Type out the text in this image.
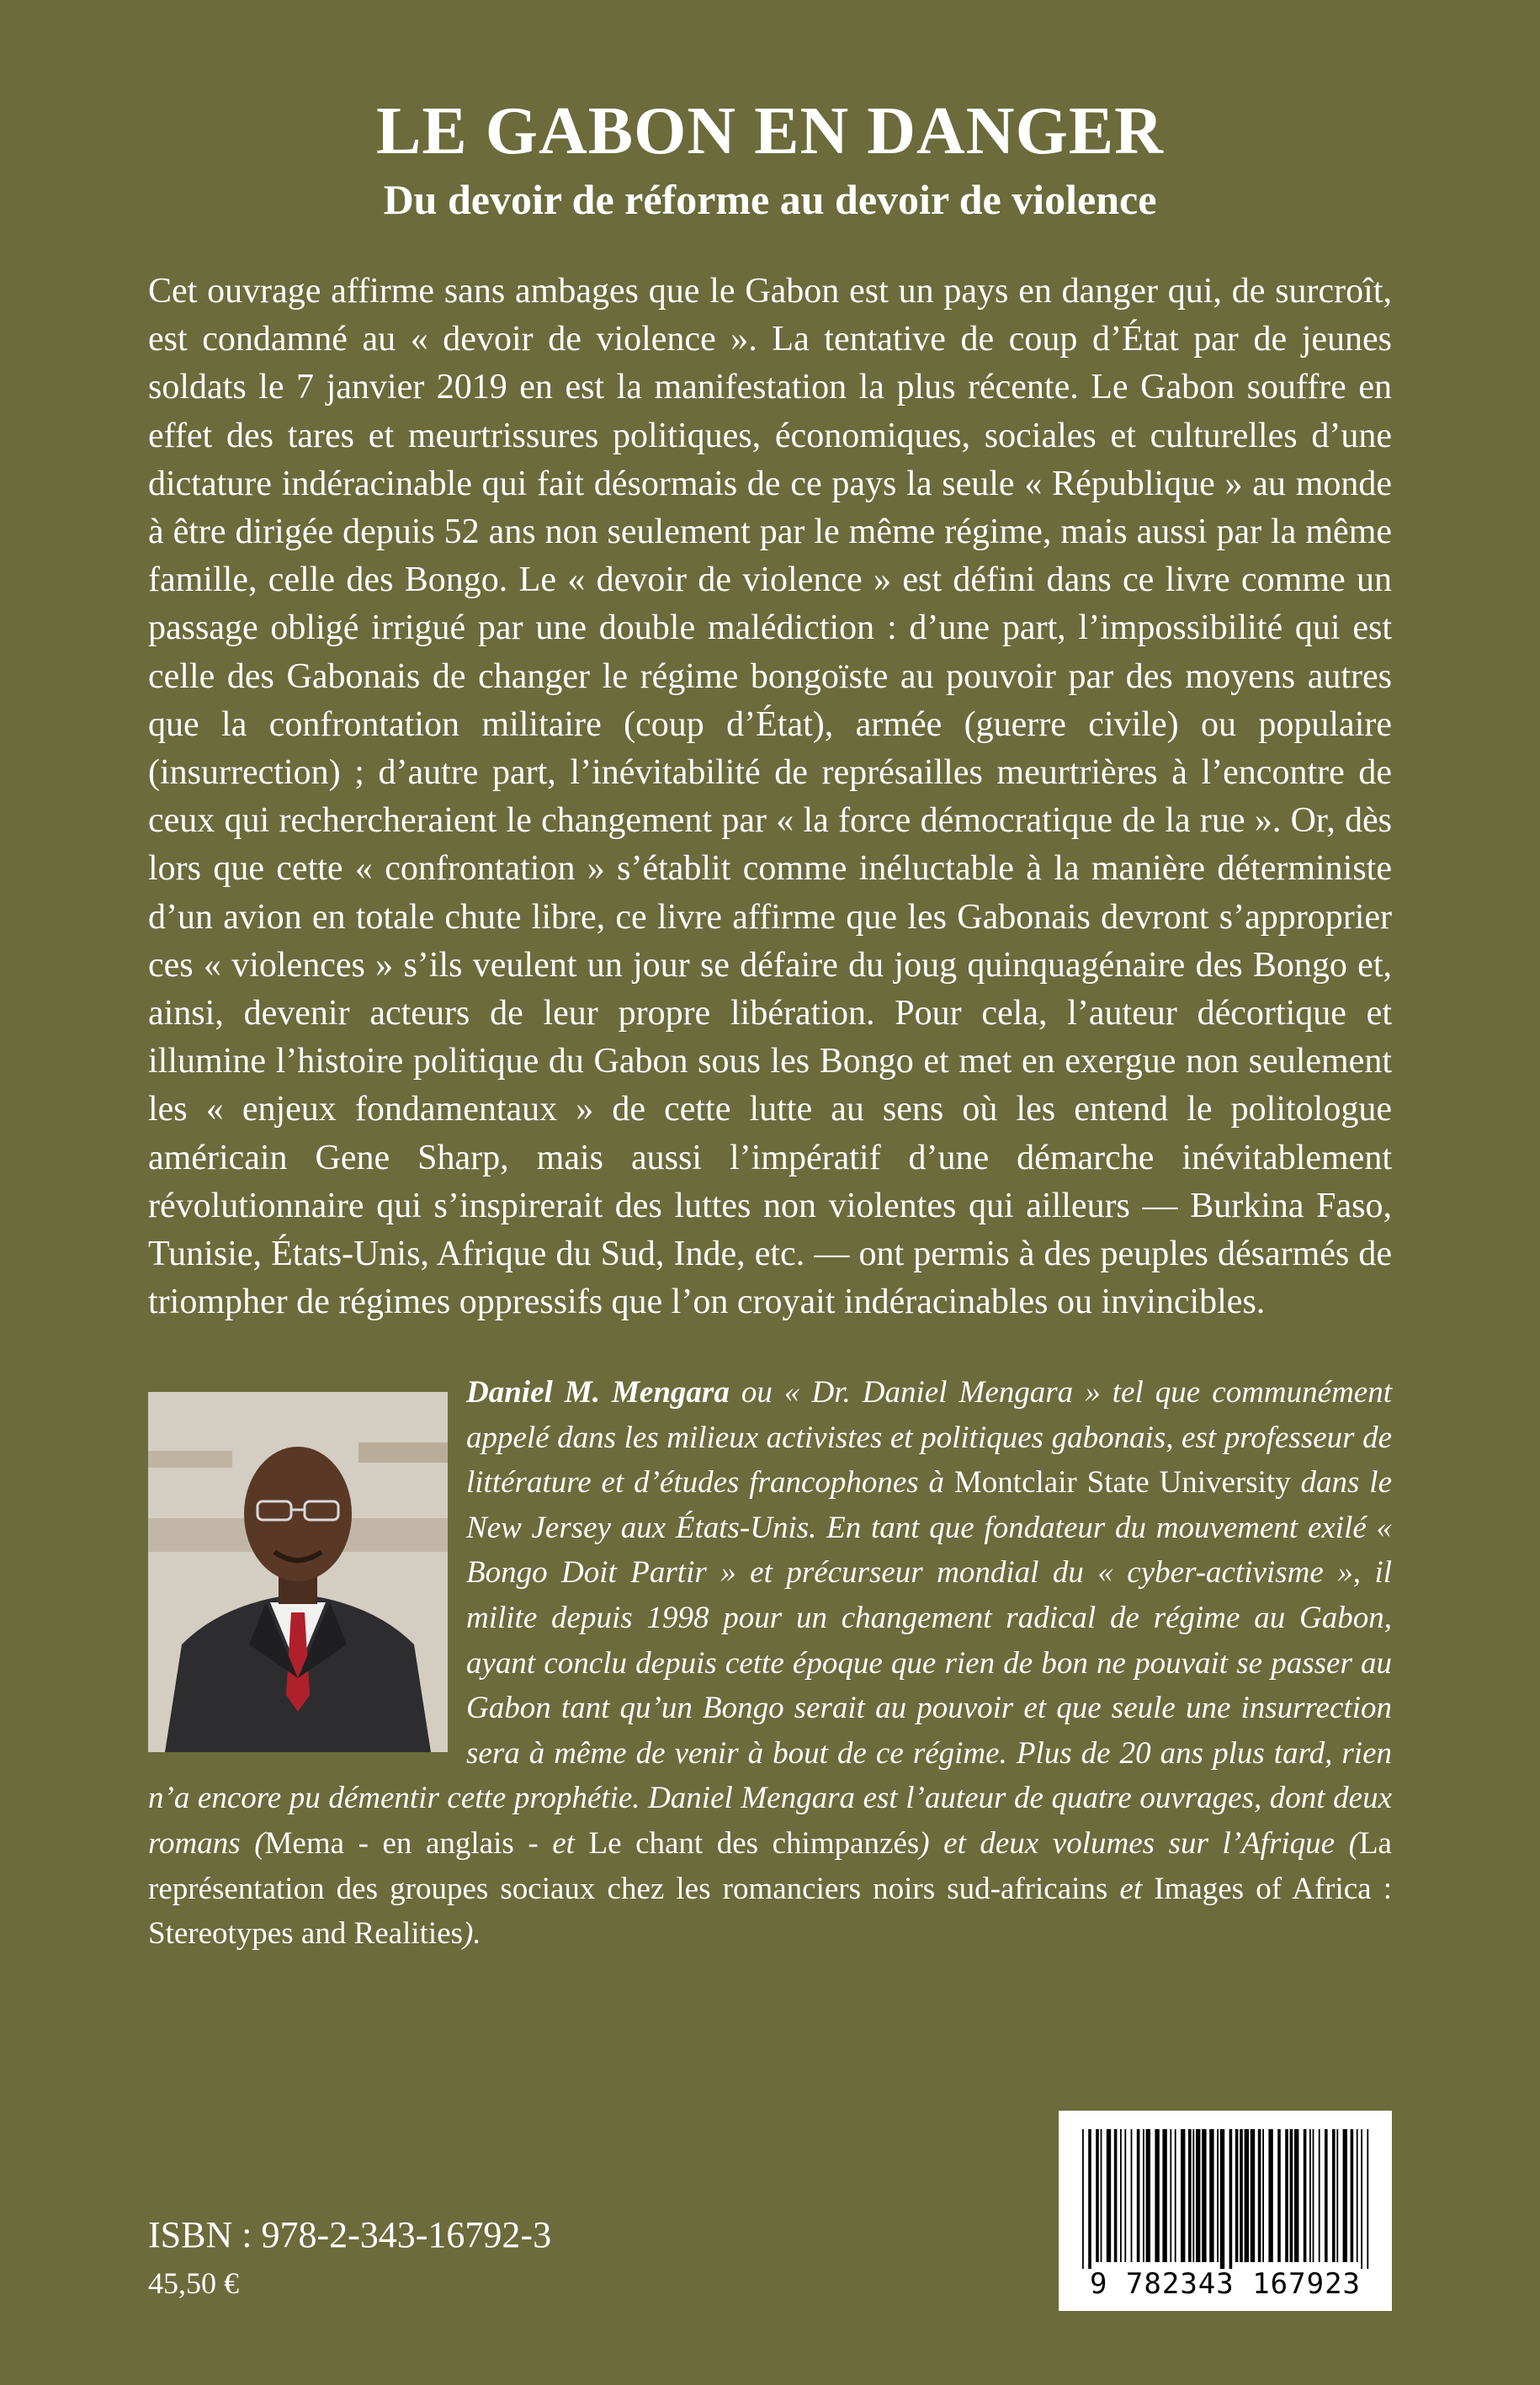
LE GABON EN DANGER
Du devoir de réforme au devoir de violence

Cet ouvrage affirme sans ambages que le Gabon est un pays en danger qui, de surcroît, est condamné au « devoir de violence ». La tentative de coup d’État par de jeunes soldats le 7 janvier 2019 en est la manifestation la plus récente. Le Gabon souffre en effet des tares et meurtrissures politiques, économiques, sociales et culturelles d’une dictature indéracinable qui fait désormais de ce pays la seule « République » au monde à être dirigée depuis 52 ans non seulement par le même régime, mais aussi par la même famille, celle des Bongo. Le « devoir de violence » est défini dans ce livre comme un passage obligé irrigué par une double malédiction : d’une part, l’impossibilité qui est celle des Gabonais de changer le régime bongoïste au pouvoir par des moyens autres que la confrontation militaire (coup d’État), armée (guerre civile) ou populaire (insurrection) ; d’autre part, l’inévitabilité de représailles meurtrières à l’encontre de ceux qui rechercheraient le changement par « la force démocratique de la rue ». Or, dès lors que cette « confrontation » s’établit comme inéluctable à la manière déterministe d’un avion en totale chute libre, ce livre affirme que les Gabonais devront s’approprier ces « violences » s’ils veulent un jour se défaire du joug quinquagénaire des Bongo et, ainsi, devenir acteurs de leur propre libération. Pour cela, l’auteur décortique et illumine l’histoire politique du Gabon sous les Bongo et met en exergue non seulement les « enjeux fondamentaux » de cette lutte au sens où les entend le politologue américain Gene Sharp, mais aussi l’impératif d’une démarche inévitablement révolutionnaire qui s’inspirerait des luttes non violentes qui ailleurs — Burkina Faso, Tunisie, États-Unis, Afrique du Sud, Inde, etc. — ont permis à des peuples désarmés de triompher de régimes oppressifs que l’on croyait indéracinables ou invincibles.

Daniel M. Mengara ou « Dr. Daniel Mengara » tel que communément appelé dans les milieux activistes et politiques gabonais, est professeur de littérature et d’études francophones à Montclair State University dans le New Jersey aux États-Unis. En tant que fondateur du mouvement exilé « Bongo Doit Partir » et précurseur mondial du « cyber-activisme », il milite depuis 1998 pour un changement radical de régime au Gabon, ayant conclu depuis cette époque que rien de bon ne pouvait se passer au Gabon tant qu’un Bongo serait au pouvoir et que seule une insurrection sera à même de venir à bout de ce régime. Plus de 20 ans plus tard, rien n’a encore pu démentir cette prophétie. Daniel Mengara est l’auteur de quatre ouvrages, dont deux romans (Mema - en anglais - et Le chant des chimpanzés) et deux volumes sur l’Afrique (La représentation des groupes sociaux chez les romanciers noirs sud-africains et Images of Africa : Stereotypes and Realities).

ISBN : 978-2-343-16792-3
45,50 €	9 782343 167923
